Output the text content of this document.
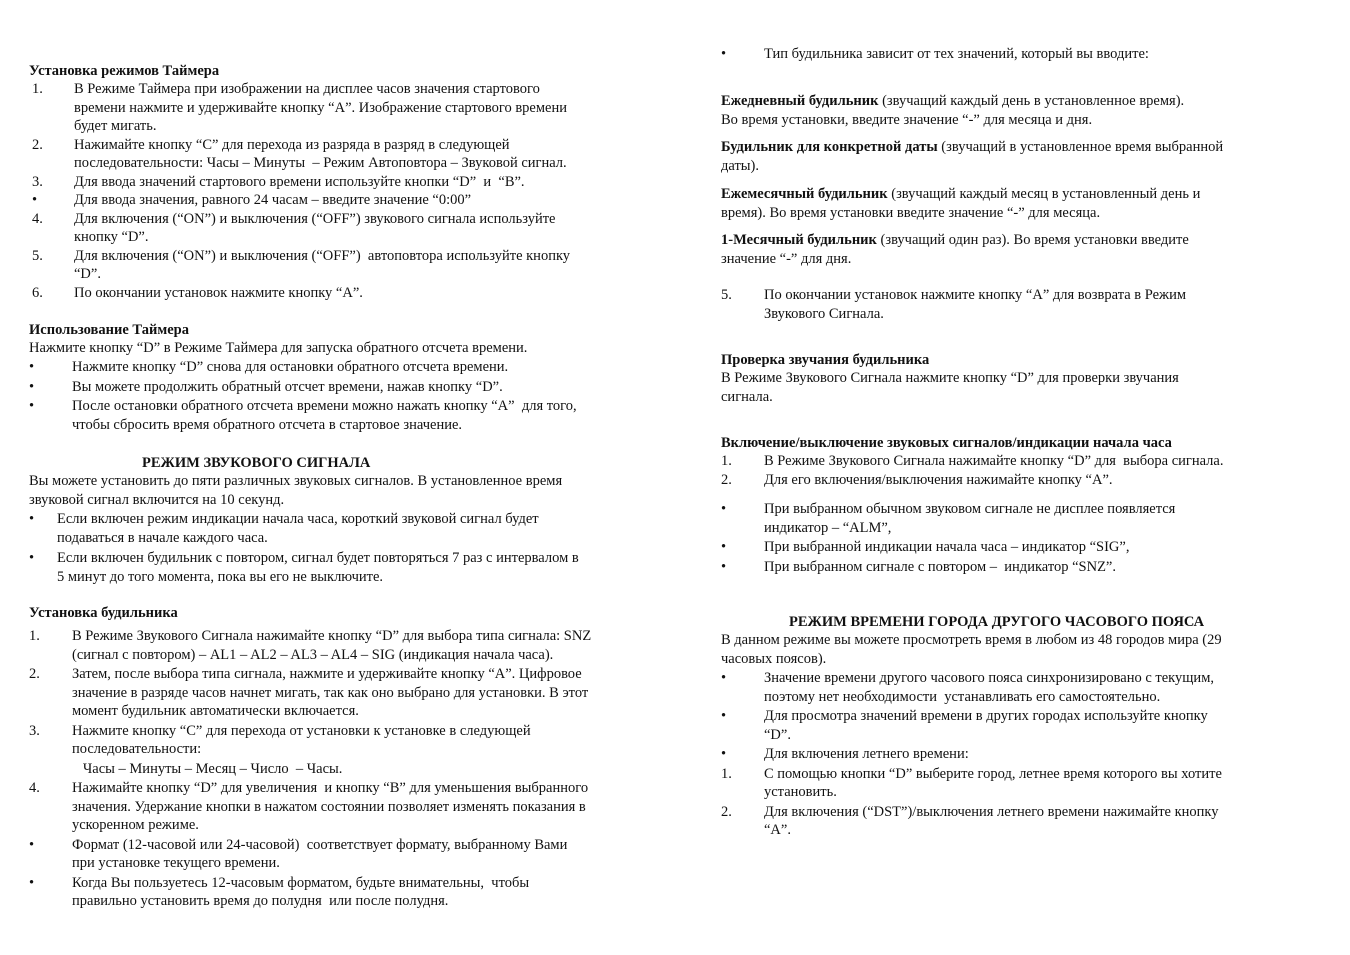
Установка режимов Таймера
Использование Таймера
Нажмите кнопку “D” в Режиме Таймера для запуска обратного отсчета времени.
РЕЖИМ ЗВУКОВОГО СИГНАЛА
Установка будильника
1. В Режиме Таймера при изображении на дисплее часов значения стартового
времени нажмите и удерживайте кнопку “A”. Изображение стартового времени
будет мигать.
2. Нажимайте кнопку “C” для перехода из разряда в разряд в следующей
последовательности: Часы – Минуты  – Режим Автоповтора – Звуковой сигнал.
3. Для ввода значений стартового времени используйте кнопки “D”  и  “B”.
•	Для ввода значения, равного 24 часам – введите значение “0:00”
4. Для включения (“ON”) и выключения (“OFF”) звукового сигнала используйте
кнопку “D”.
5. Для включения (“ON”) и выключения (“OFF”)  автоповтора используйте кнопку
“D”.
6. По окончании установок нажмите кнопку “A”.
•	Нажмите кнопку “D” снова для остановки обратного отсчета времени.
•	Вы можете продолжить обратный отсчет времени, нажав кнопку “D”.
•	После остановки обратного отсчета времени можно нажать кнопку “A”  для того,
чтобы сбросить время обратного отсчета в стартовое значение.
• Если включен режим индикации начала часа, короткий звуковой сигнал будет
подаваться в начале каждого часа.
• Если включен будильник с повтором, сигнал будет повторяться 7 раз с интервалом в
5 минут до того момента, пока вы его не выключите.
1. В Режиме Звукового Сигнала нажимайте кнопку “D” для выбора типа сигнала: SNZ
(сигнал с повтором) – AL1 – AL2 – AL3 – AL4 – SIG (индикация начала часа).
2. Затем, после выбора типа сигнала, нажмите и удерживайте кнопку “A”. Цифровое
значение в разряде часов начнет мигать, так как оно выбрано для установки. В этот
момент будильник автоматически включается.
3. Нажмите кнопку “C” для перехода от установки к установке в следующей
последовательности:
Часы – Минуты – Месяц – Число  – Часы.
4. Нажимайте кнопку “D” для увеличения  и кнопку “B” для уменьшения выбранного
значения. Удержание кнопки в нажатом состоянии позволяет изменять показания в
ускоренном режиме.
•	Формат (12-часовой или 24-часовой)  соответствует формату, выбранному Вами
при установке текущего времени.
•	Когда Вы пользуетесь 12-часовым форматом, будьте внимательны,  чтобы
правильно установить время до полудня  или после полудня.
Вы можете установить до пяти различных звуковых сигналов. В установленное время
звуковой сигнал включится на 10 секунд.
•	Тип будильника зависит от тех значений, который вы вводите:
Ежедневный будильник (звучащий каждый день в установленное время).
Во время установки, введите значение “-” для месяца и дня.
Будильник для конкретной даты (звучащий в установленное время выбранной
даты).
Ежемесячный будильник (звучащий каждый месяц в установленный день и
время). Во время установки введите значение “-” для месяца.
1-Месячный будильник (звучащий один раз). Во время установки введите
значение “-” для дня.
Проверка звучания будильника
Включение/выключение звуковых сигналов/индикации начала часа
РЕЖИМ ВРЕМЕНИ ГОРОДА ДРУГОГО ЧАСОВОГО ПОЯСА
1. В Режиме Звукового Сигнала нажимайте кнопку “D” для  выбора сигнала.
2. Для его включения/выключения нажимайте кнопку “A”.
•	При выбранном обычном звуковом сигнале не дисплее появляется
индикатор – “ALM”,
•	При выбранной индикации начала часа – индикатор “SIG”,
•	При выбранном сигнале с повтором –  индикатор “SNZ”.
•	Значение времени другого часового пояса синхронизировано с текущим,
поэтому нет необходимости  устанавливать его самостоятельно.
•	Для просмотра значений времени в других городах используйте кнопку
“D”.
•	Для включения летнего времени:
1. С помощью кнопки “D” выберите город, летнее время которого вы хотите
установить.
2. Для включения (“DST”)/выключения летнего времени нажимайте кнопку
“A”.
5. По окончании установок нажмите кнопку “A” для возврата в Режим
Звукового Сигнала.
В Режиме Звукового Сигнала нажмите кнопку “D” для проверки звучания
сигнала.
В данном режиме вы можете просмотреть время в любом из 48 городов мира (29
часовых поясов).
